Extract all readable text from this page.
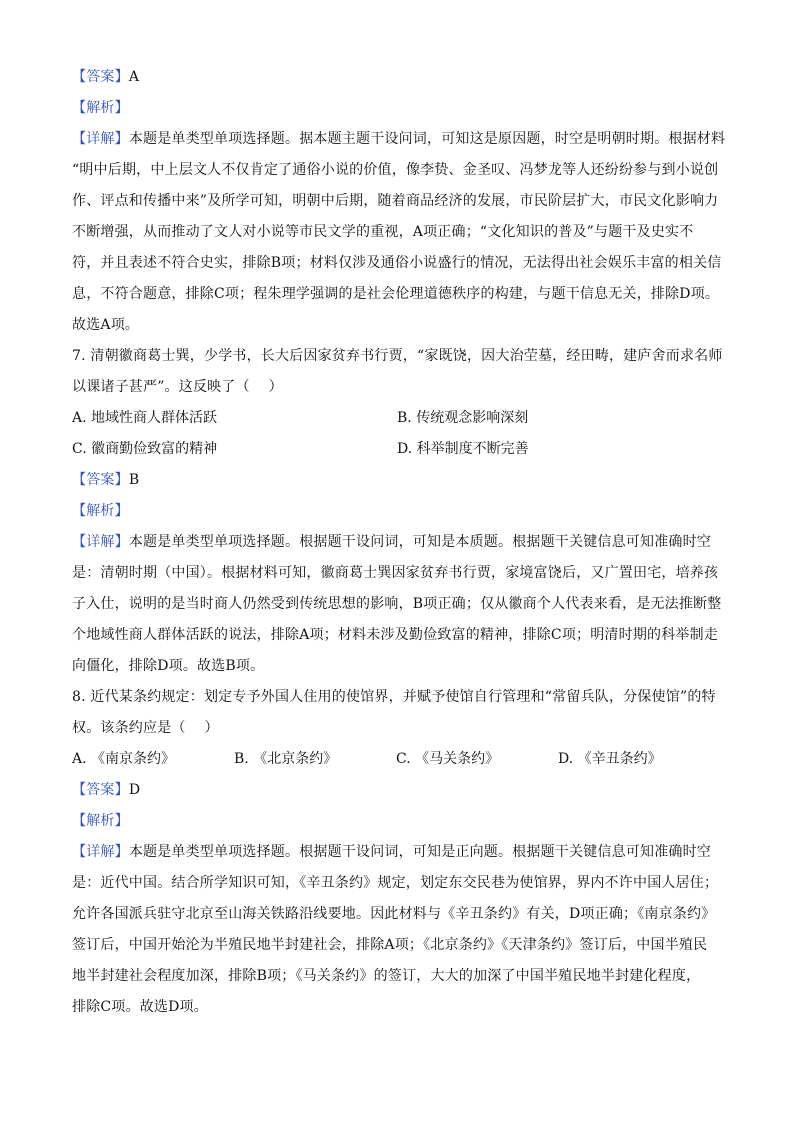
【答案】A
【解析】
【详解】本题是单类型单项选择题。据本题主题干设问词，可知这是原因题，时空是明朝时期。根据材料
“明中后期，中上层文人不仅肯定了通俗小说的价值，像李贽、金圣叹、冯梦龙等人还纷纷参与到小说创
作、评点和传播中来”及所学可知，明朝中后期，随着商品经济的发展，市民阶层扩大，市民文化影响力
不断增强，从而推动了文人对小说等市民文学的重视，A项正确；“文化知识的普及”与题干及史实不
符，并且表述不符合史实，排除B项；材料仅涉及通俗小说盛行的情况，无法得出社会娱乐丰富的相关信
息，不符合题意，排除C项；程朱理学强调的是社会伦理道德秩序的构建，与题干信息无关，排除D项。
故选A项。
7. 清朝徽商葛士巽，少学书，长大后因家贫弃书行贾，“家既饶，因大治茔墓，经田畴，建庐舍而求名师
以课诸子甚严”。这反映了（　 ）
A. 地域性商人群体活跃	B. 传统观念影响深刻
C. 徽商勤俭致富的精神	D. 科举制度不断完善
【答案】B
【解析】
【详解】本题是单类型单项选择题。根据题干设问词，可知是本质题。根据题干关键信息可知准确时空
是：清朝时期（中国）。根据材料可知，徽商葛士巽因家贫弃书行贾，家境富饶后，又广置田宅，培养孩
子入仕，说明的是当时商人仍然受到传统思想的影响，B项正确；仅从徽商个人代表来看，是无法推断整
个地域性商人群体活跃的说法，排除A项；材料未涉及勤俭致富的精神，排除C项；明清时期的科举制走
向僵化，排除D项。故选B项。
8. 近代某条约规定：划定专予外国人住用的使馆界，并赋予使馆自行管理和“常留兵队，分保使馆”的特
权。该条约应是（　 ）
A. 《南京条约》	B. 《北京条约》	C. 《马关条约》	D. 《辛丑条约》
【答案】D
【解析】
【详解】本题是单类型单项选择题。根据题干设问词，可知是正向题。根据题干关键信息可知准确时空
是：近代中国。结合所学知识可知，《辛丑条约》规定，划定东交民巷为使馆界，界内不许中国人居住；
允许各国派兵驻守北京至山海关铁路沿线要地。因此材料与《辛丑条约》有关，D项正确；《南京条约》
签订后，中国开始沦为半殖民地半封建社会，排除A项；《北京条约》《天津条约》签订后，中国半殖民
地半封建社会程度加深，排除B项；《马关条约》的签订，大大的加深了中国半殖民地半封建化程度，
排除C项。故选D项。
